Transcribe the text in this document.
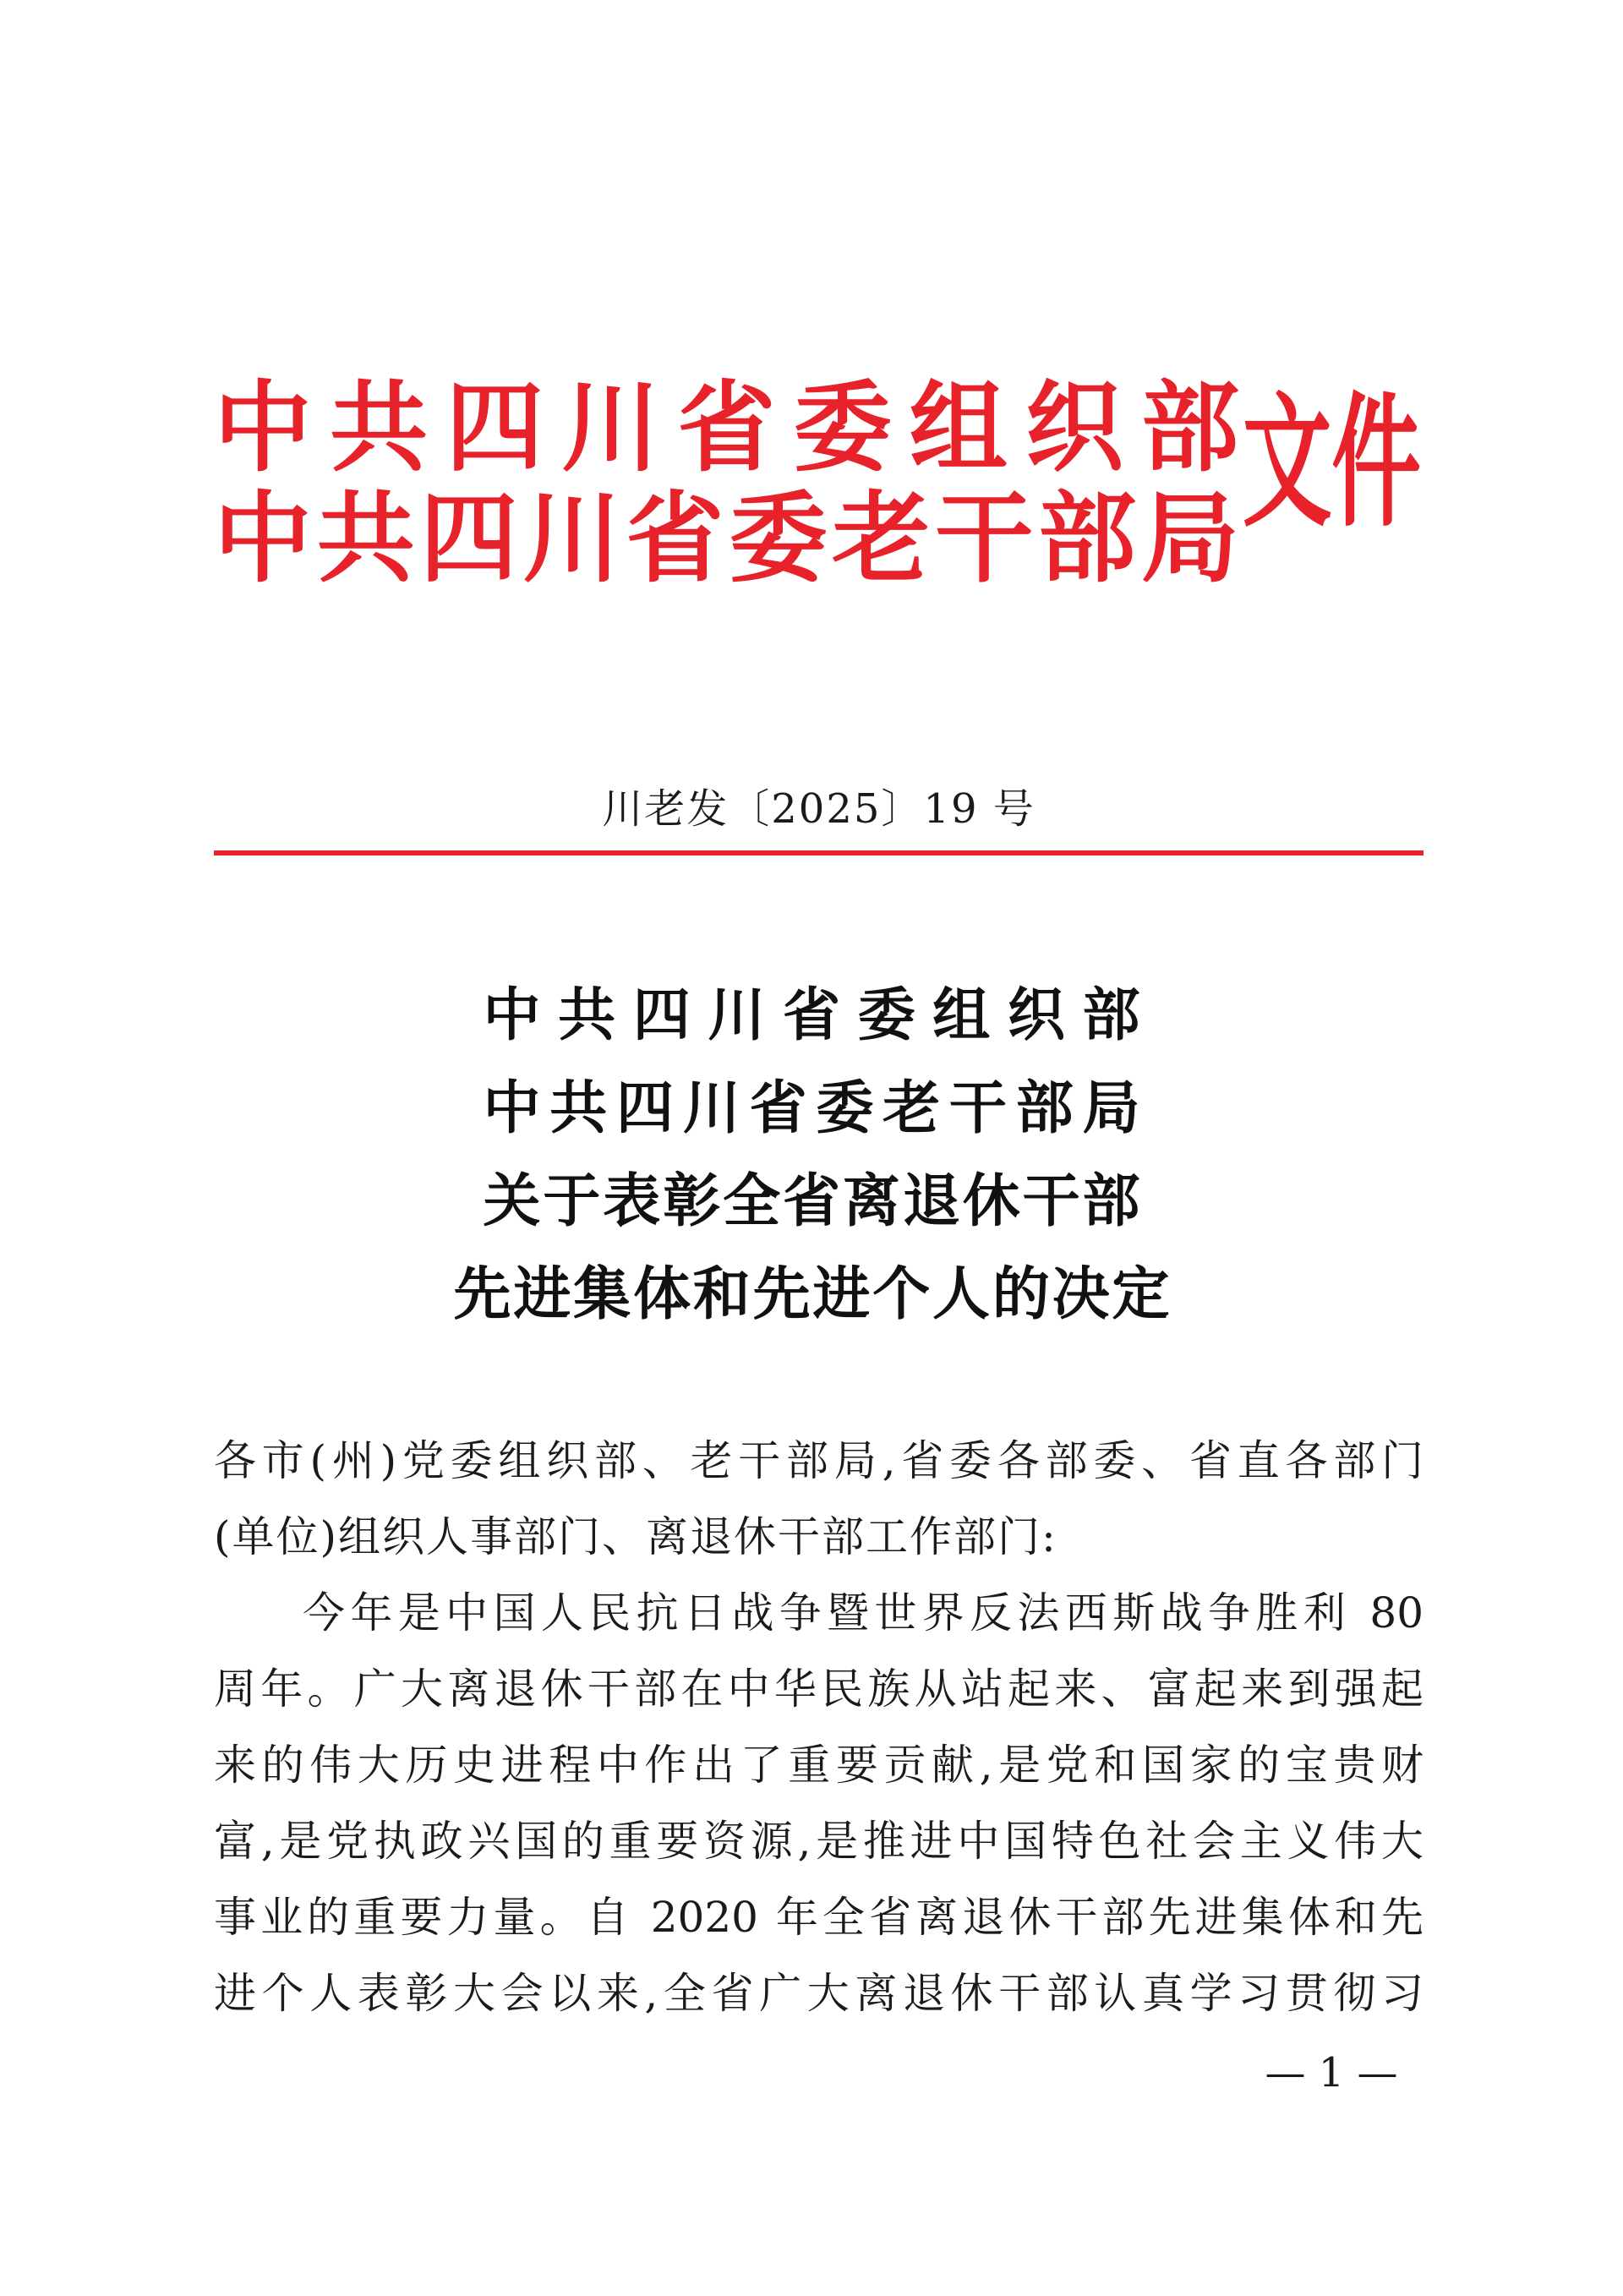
中共四川省委组织部
中共四川省委老干部局 文件
川老发〔2025〕19 号
中共四川省委组织部
中共四川省委老干部局
关于表彰全省离退休干部
先进集体和先进个人的决定
各市(州)党委组织部、老干部局,省委各部委、省直各部门
(单位)组织人事部门、离退休干部工作部门:
今年是中国人民抗日战争暨世界反法西斯战争胜利 80
周年。广大离退休干部在中华民族从站起来、富起来到强起
来的伟大历史进程中作出了重要贡献,是党和国家的宝贵财
富,是党执政兴国的重要资源,是推进中国特色社会主义伟大
事业的重要力量。自 2020 年全省离退休干部先进集体和先
进个人表彰大会以来,全省广大离退休干部认真学习贯彻习
— 1 —
